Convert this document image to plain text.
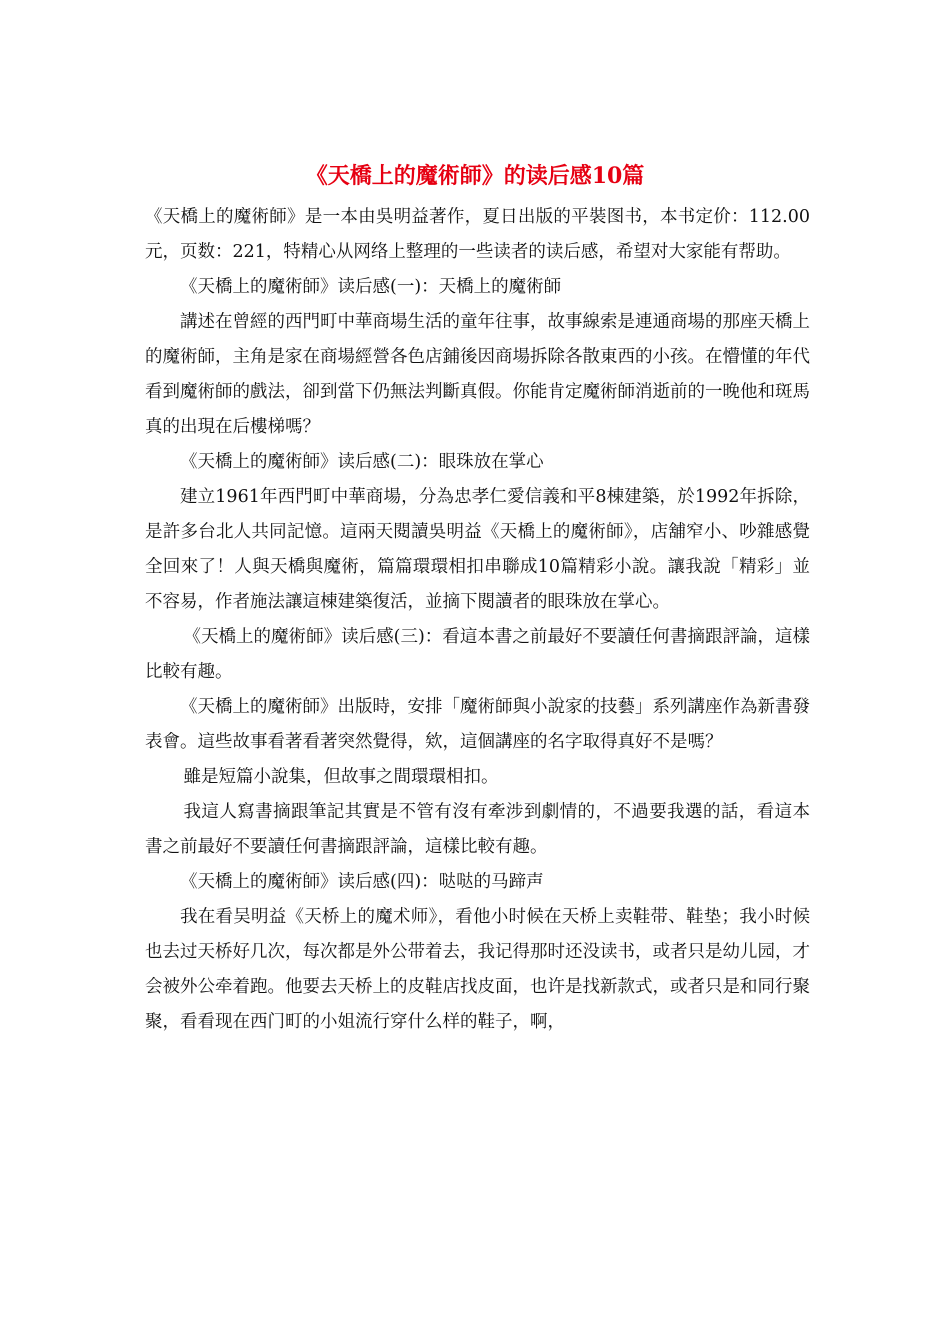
《天橋上的魔術師》的读后感10篇

《天橋上的魔術師》是一本由吳明益著作，夏日出版的平裝图书，本书定价：112.00元，页数：221，特精心从网络上整理的一些读者的读后感，希望对大家能有帮助。

《天橋上的魔術師》读后感(一)：天橋上的魔術師

講述在曾經的西門町中華商場生活的童年往事，故事線索是連通商場的那座天橋上的魔術師，主角是家在商場經營各色店鋪後因商場拆除各散東西的小孩。在懵懂的年代看到魔術師的戲法，卻到當下仍無法判斷真假。你能肯定魔術師消逝前的一晚他和斑馬真的出現在后樓梯嗎？

《天橋上的魔術師》读后感(二)：眼珠放在掌心

建立1961年西門町中華商場，分為忠孝仁愛信義和平8棟建築，於1992年拆除，是許多台北人共同記憶。這兩天閱讀吳明益《天橋上的魔術師》，店舖窄小、吵雜感覺全回來了！人與天橋與魔術，篇篇環環相扣串聯成10篇精彩小說。讓我說「精彩」並不容易，作者施法讓這棟建築復活，並摘下閱讀者的眼珠放在掌心。

《天橋上的魔術師》读后感(三)：看這本書之前最好不要讀任何書摘跟評論，這樣比較有趣。

《天橋上的魔術師》出版時，安排「魔術師與小說家的技藝」系列講座作為新書發表會。這些故事看著看著突然覺得，欸，這個講座的名字取得真好不是嗎？

雖是短篇小說集，但故事之間環環相扣。

我這人寫書摘跟筆記其實是不管有沒有牽涉到劇情的，不過要我選的話，看這本書之前最好不要讀任何書摘跟評論，這樣比較有趣。

《天橋上的魔術師》读后感(四)：哒哒的马蹄声

我在看吴明益《天桥上的魔术师》，看他小时候在天桥上卖鞋带、鞋垫；我小时候也去过天桥好几次，每次都是外公带着去，我记得那时还没读书，或者只是幼儿园，才会被外公牵着跑。他要去天桥上的皮鞋店找皮面，也许是找新款式，或者只是和同行聚聚，看看现在西门町的小姐流行穿什么样的鞋子，啊，
